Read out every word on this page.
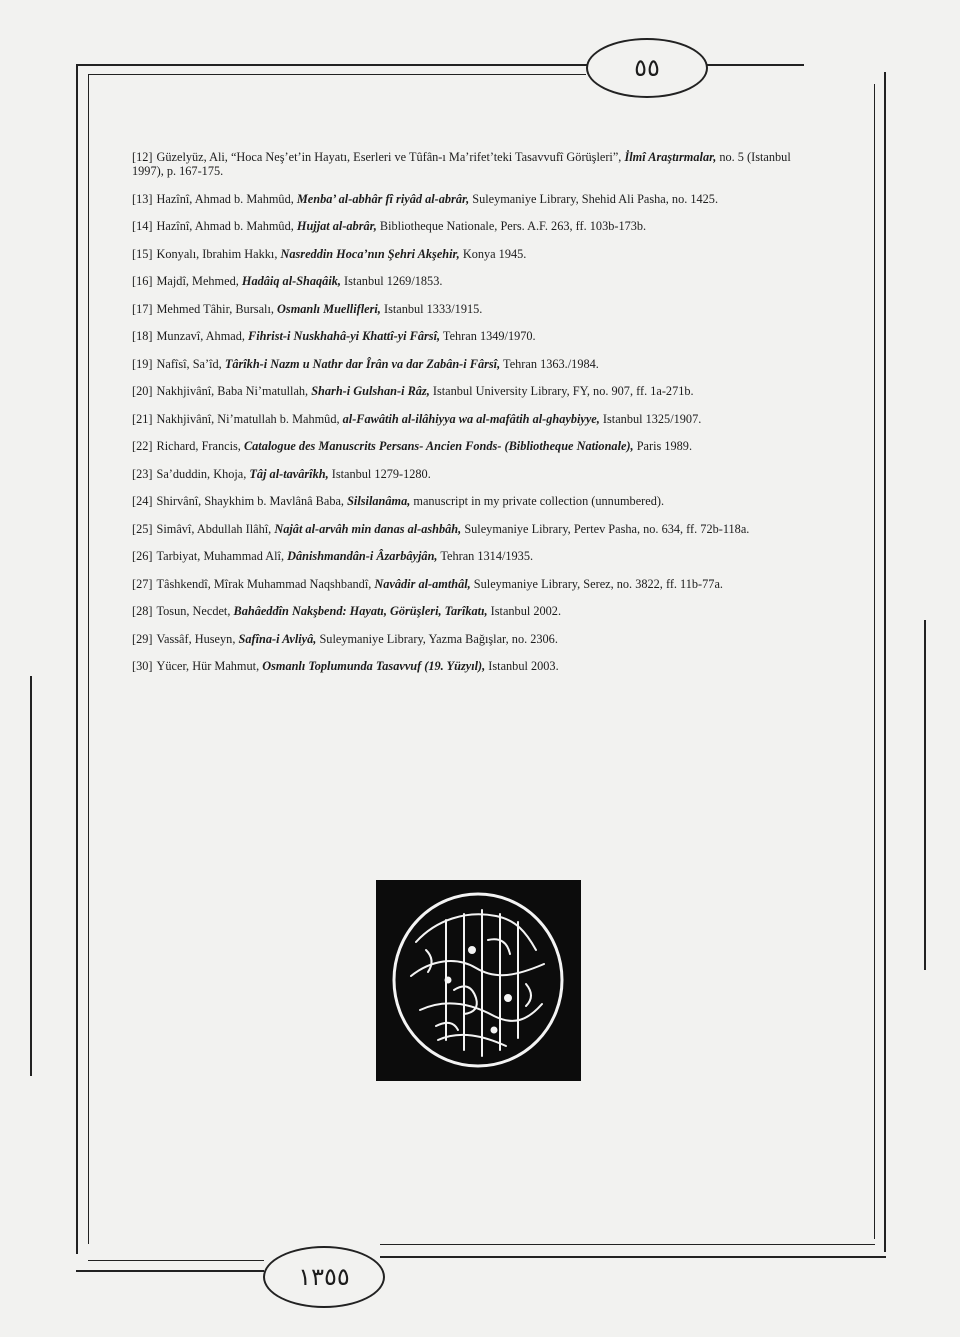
٥٥

[12] Güzelyüz, Ali, “Hoca Neş’et’in Hayatı, Eserleri ve Tûfân-ı Ma’rifet’teki Tasavvufî Görüşleri”, İlmî Araştırmalar, no. 5 (Istanbul 1997), p. 167-175.

[13] Hazînî, Ahmad b. Mahmûd, Menba’ al-abhâr fî riyâd al-abrâr, Suleymaniye Library, Shehid Ali Pasha, no. 1425.

[14] Hazînî, Ahmad b. Mahmûd, Hujjat al-abrâr, Bibliotheque Nationale, Pers. A.F. 263, ff. 103b-173b.

[15] Konyalı, Ibrahim Hakkı, Nasreddin Hoca’nın Şehri Akşehir, Konya 1945.

[16] Majdî, Mehmed, Hadâiq al-Shaqâik, Istanbul 1269/1853.

[17] Mehmed Tâhir, Bursalı, Osmanlı Muellifleri, Istanbul 1333/1915.

[18] Munzavî, Ahmad, Fihrist-i Nuskhahâ-yi Khattî-yi Fârsî, Tehran 1349/1970.

[19] Nafîsî, Sa’îd, Târîkh-i Nazm u Nathr dar Îrân va dar Zabân-i Fârsî, Tehran 1363./1984.

[20] Nakhjivânî, Baba Ni’matullah, Sharh-i Gulshan-i Râz, Istanbul University Library, FY, no. 907, ff. 1a-271b.

[21] Nakhjivânî, Ni’matullah b. Mahmûd, al-Fawâtih al-ilâhiyya wa al-mafâtih al-ghaybiyye, Istanbul 1325/1907.

[22] Richard, Francis, Catalogue des Manuscrits Persans- Ancien Fonds- (Bibliotheque Nationale), Paris 1989.

[23] Sa’duddin, Khoja, Tâj al-tavârîkh, Istanbul 1279-1280.

[24] Shirvânî, Shaykhim b. Mavlânâ Baba, Silsilanâma, manuscript in my private collection (unnumbered).

[25] Simâvî, Abdullah Ilâhî, Najât al-arvâh min danas al-ashbâh, Suleymaniye Library, Pertev Pasha, no. 634, ff. 72b-118a.

[26] Tarbiyat, Muhammad Alî, Dânishmandân-i Âzarbâyjân, Tehran 1314/1935.

[27] Tâshkendî, Mîrak Muhammad Naqshbandî, Navâdir al-amthâl, Suleymaniye Library, Serez, no. 3822, ff. 11b-77a.

[28] Tosun, Necdet, Bahâeddîn Nakşbend: Hayatı, Görüşleri, Tarîkatı, Istanbul 2002.

[29] Vassâf, Huseyn, Safîna-i Avliyâ, Suleymaniye Library, Yazma Bağışlar, no. 2306.

[30] Yücer, Hür Mahmut, Osmanlı Toplumunda Tasavvuf (19. Yüzyıl), Istanbul 2003.

١٣٥٥
